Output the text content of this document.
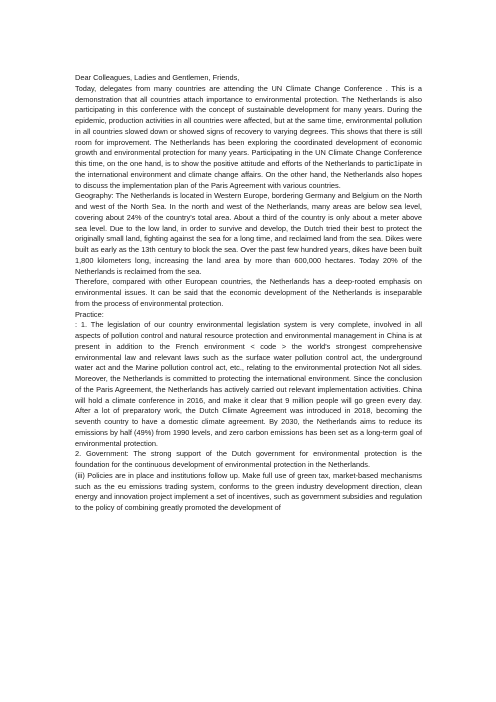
Dear Colleagues, Ladies and Gentlemen, Friends,

Today, delegates from many countries are attending the UN Climate Change Conference . This is a demonstration that all countries attach importance to environmental protection. The Netherlands is also participating in this conference with the concept of sustainable development for many years. During the epidemic, production activities in all countries were affected, but at the same time, environmental pollution in all countries slowed down or showed signs of recovery to varying degrees. This shows that there is still room for improvement. The Netherlands has been exploring the coordinated development of economic growth and environmental protection for many years. Participating in the UN Climate Change Conference this time, on the one hand, is to show the positive attitude and efforts of the Netherlands to partic1ipate in the international environment and climate change affairs. On the other hand, the Netherlands also hopes to discuss the implementation plan of the Paris Agreement with various countries.

Geography: The Netherlands is located in Western Europe, bordering Germany and Belgium on the North and west of the North Sea. In the north and west of the Netherlands, many areas are below sea level, covering about 24% of the country's total area. About a third of the country is only about a meter above sea level. Due to the low land, in order to survive and develop, the Dutch tried their best to protect the originally small land, fighting against the sea for a long time, and reclaimed land from the sea. Dikes were built as early as the 13th century to block the sea. Over the past few hundred years, dikes have been built 1,800 kilometers long, increasing the land area by more than 600,000 hectares. Today 20% of the Netherlands is reclaimed from the sea.

Therefore, compared with other European countries, the Netherlands has a deep-rooted emphasis on environmental issues. It can be said that the economic development of the Netherlands is inseparable from the process of environmental protection.

Practice:

: 1. The legislation of our country environmental legislation system is very complete, involved in all aspects of pollution control and natural resource protection and environmental management in China is at present in addition to the French environment < code > the world's strongest comprehensive environmental law and relevant laws such as the surface water pollution control act, the underground water act and the Marine pollution control act, etc., relating to the environmental protection Not all sides. Moreover, the Netherlands is committed to protecting the international environment. Since the conclusion of the Paris Agreement, the Netherlands has actively carried out relevant implementation activities. China will hold a climate conference in 2016, and make it clear that 9 million people will go green every day. After a lot of preparatory work, the Dutch Climate Agreement was introduced in 2018, becoming the seventh country to have a domestic climate agreement. By 2030, the Netherlands aims to reduce its emissions by half (49%) from 1990 levels, and zero carbon emissions has been set as a long-term goal of environmental protection.

2. Government: The strong support of the Dutch government for environmental protection is the foundation for the continuous development of environmental protection in the Netherlands.

(iii) Policies are in place and institutions follow up. Make full use of green tax, market-based mechanisms such as the eu emissions trading system, conforms to the green industry development direction, clean energy and innovation project implement a set of incentives, such as government subsidies and regulation to the policy of combining greatly promoted the development of
